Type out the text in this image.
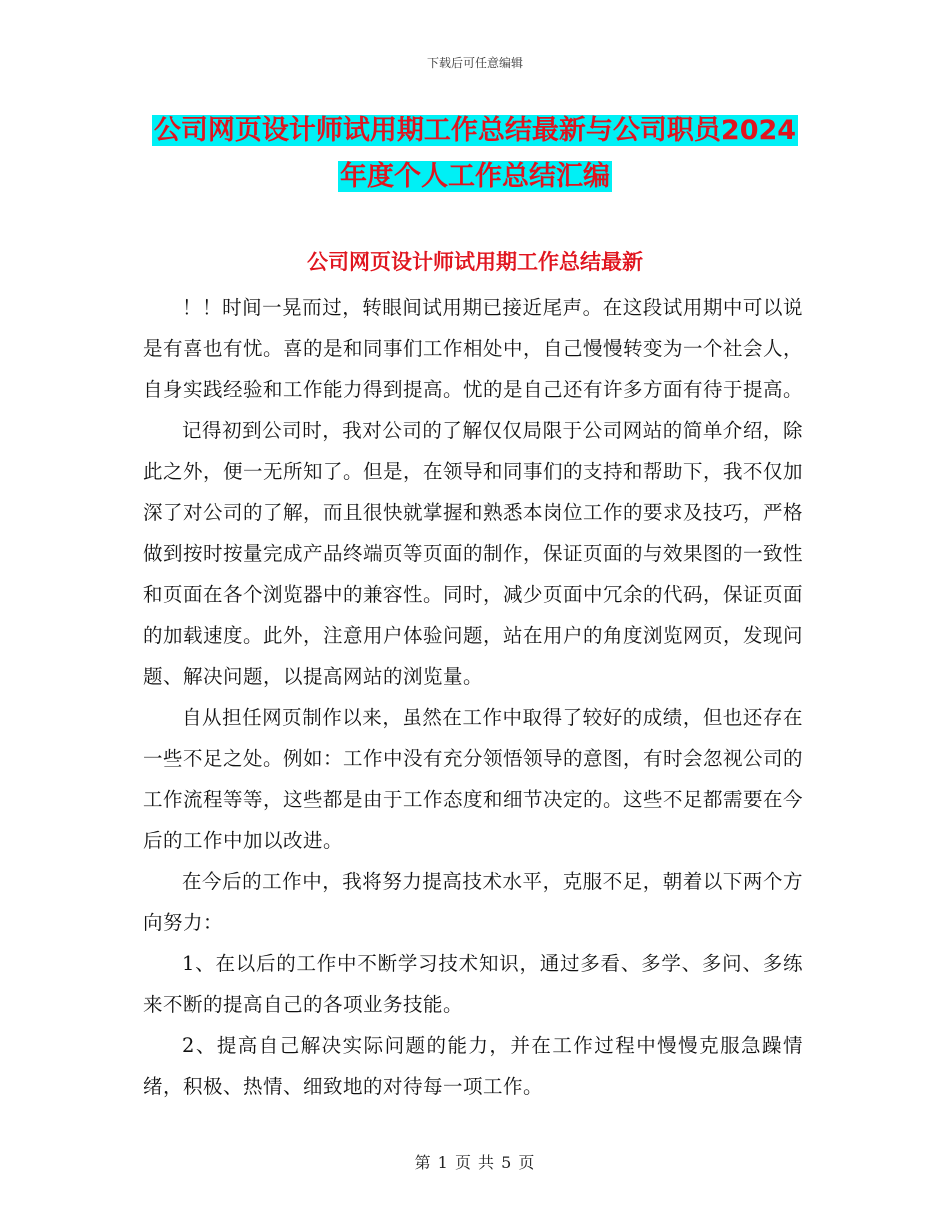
下载后可任意编辑
公司网页设计师试用期工作总结最新与公司职员2024
年度个人工作总结汇编
公司网页设计师试用期工作总结最新

！！时间一晃而过，转眼间试用期已接近尾声。在这段试用期中可以说是有喜也有忧。喜的是和同事们工作相处中，自己慢慢转变为一个社会人，自身实践经验和工作能力得到提高。忧的是自己还有许多方面有待于提高。

记得初到公司时，我对公司的了解仅仅局限于公司网站的简单介绍，除此之外，便一无所知了。但是，在领导和同事们的支持和帮助下，我不仅加深了对公司的了解，而且很快就掌握和熟悉本岗位工作的要求及技巧，严格做到按时按量完成产品终端页等页面的制作，保证页面的与效果图的一致性和页面在各个浏览器中的兼容性。同时，减少页面中冗余的代码，保证页面的加载速度。此外，注意用户体验问题，站在用户的角度浏览网页，发现问题、解决问题，以提高网站的浏览量。

自从担任网页制作以来，虽然在工作中取得了较好的成绩，但也还存在一些不足之处。例如：工作中没有充分领悟领导的意图，有时会忽视公司的工作流程等等，这些都是由于工作态度和细节决定的。这些不足都需要在今后的工作中加以改进。

在今后的工作中，我将努力提高技术水平，克服不足，朝着以下两个方向努力：

1、在以后的工作中不断学习技术知识，通过多看、多学、多问、多练来不断的提高自己的各项业务技能。

2、提高自己解决实际问题的能力，并在工作过程中慢慢克服急躁情绪，积极、热情、细致地的对待每一项工作。

第 1 页 共 5 页
